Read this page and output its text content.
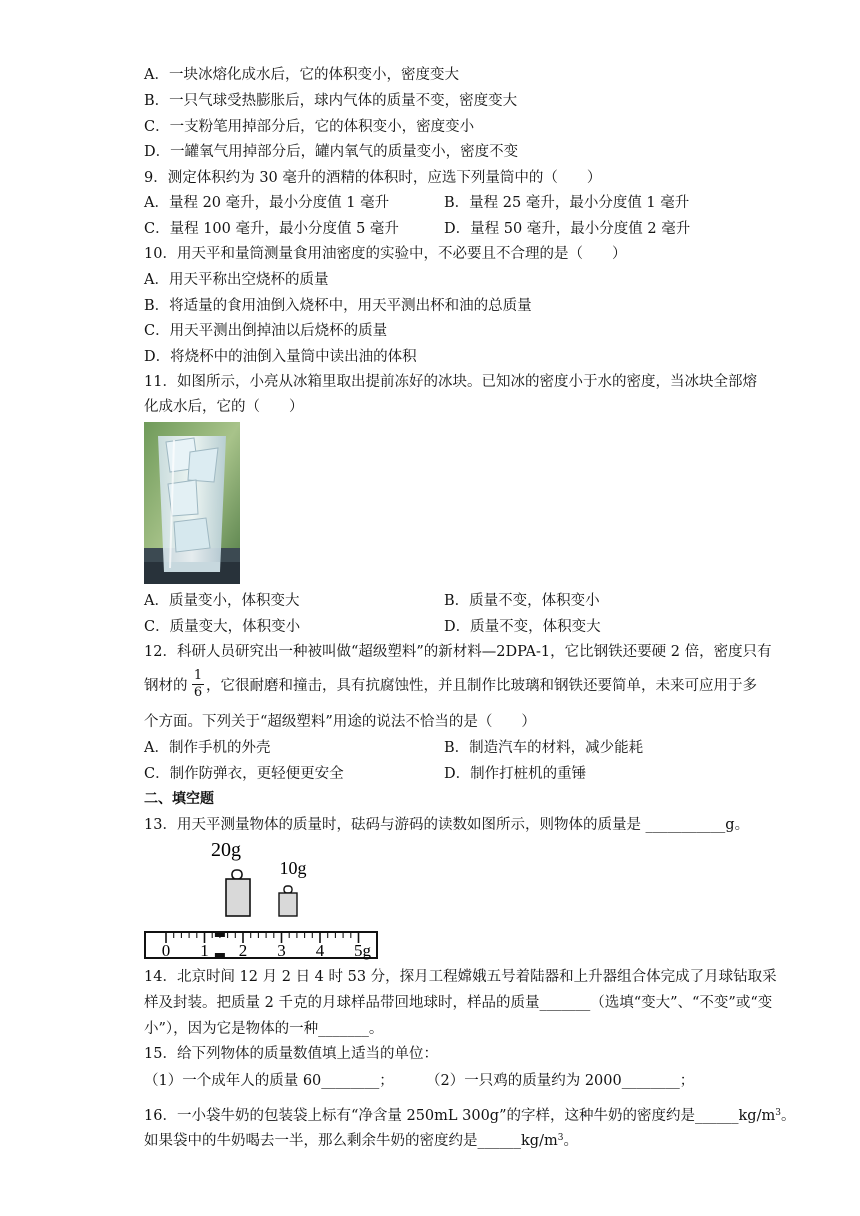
A．一块冰熔化成水后，它的体积变小，密度变大
B．一只气球受热膨胀后，球内气体的质量不变，密度变大
C．一支粉笔用掉部分后，它的体积变小，密度变小
D．一罐氧气用掉部分后，罐内氧气的质量变小，密度不变
9．测定体积约为 30 毫升的酒精的体积时，应选下列量筒中的（　　）
A．量程 20 毫升，最小分度值 1 毫升	B．量程 25 毫升，最小分度值 1 毫升
C．量程 100 毫升，最小分度值 5 毫升	D．量程 50 毫升，最小分度值 2 毫升
10．用天平和量筒测量食用油密度的实验中，不必要且不合理的是（　　）
A．用天平称出空烧杯的质量
B．将适量的食用油倒入烧杯中，用天平测出杯和油的总质量
C．用天平测出倒掉油以后烧杯的质量
D．将烧杯中的油倒入量筒中读出油的体积
11．如图所示，小亮从冰箱里取出提前冻好的冰块。已知冰的密度小于水的密度，当冰块全部熔
化成水后，它的（　　）
A．质量变小，体积变大	B．质量不变，体积变小
C．质量变大，体积变小	D．质量不变，体积变大
12．科研人员研究出一种被叫做“超级塑料”的新材料—2DPA-1，它比钢铁还要硬 2 倍，密度只有
钢材的 $\frac{1}{6}$ ，它很耐磨和撞击，具有抗腐蚀性，并且制作比玻璃和钢铁还要简单，未来可应用于多
个方面。下列关于“超级塑料”用途的说法不恰当的是（　　）
A．制作手机的外壳	B．制造汽车的材料，减少能耗
C．制作防弹衣，更轻便更安全	D．制作打桩机的重锤
二、填空题
13．用天平测量物体的质量时，砝码与游码的读数如图所示，则物体的质量是 ___________g。
20g
10g
0 1 2 3 4 5g
14．北京时间 12 月 2 日 4 时 53 分，探月工程嫦娥五号着陆器和上升器组合体完成了月球钻取采
样及封装。把质量 2 千克的月球样品带回地球时，样品的质量_______（选填“变大”、“不变”或“变
小”），因为它是物体的一种_______。
15．给下列物体的质量数值填上适当的单位：
（1）一个成年人的质量 60________； （2）一只鸡的质量约为 2000________；
16．一小袋牛奶的包装袋上标有“净含量 250mL 300g”的字样，这种牛奶的密度约是$\_\_\_\_\_\_kg/m^3$。
如果袋中的牛奶喝去一半，那么剩余牛奶的密度约是$\_\_\_\_\_\_kg/m^3$。
